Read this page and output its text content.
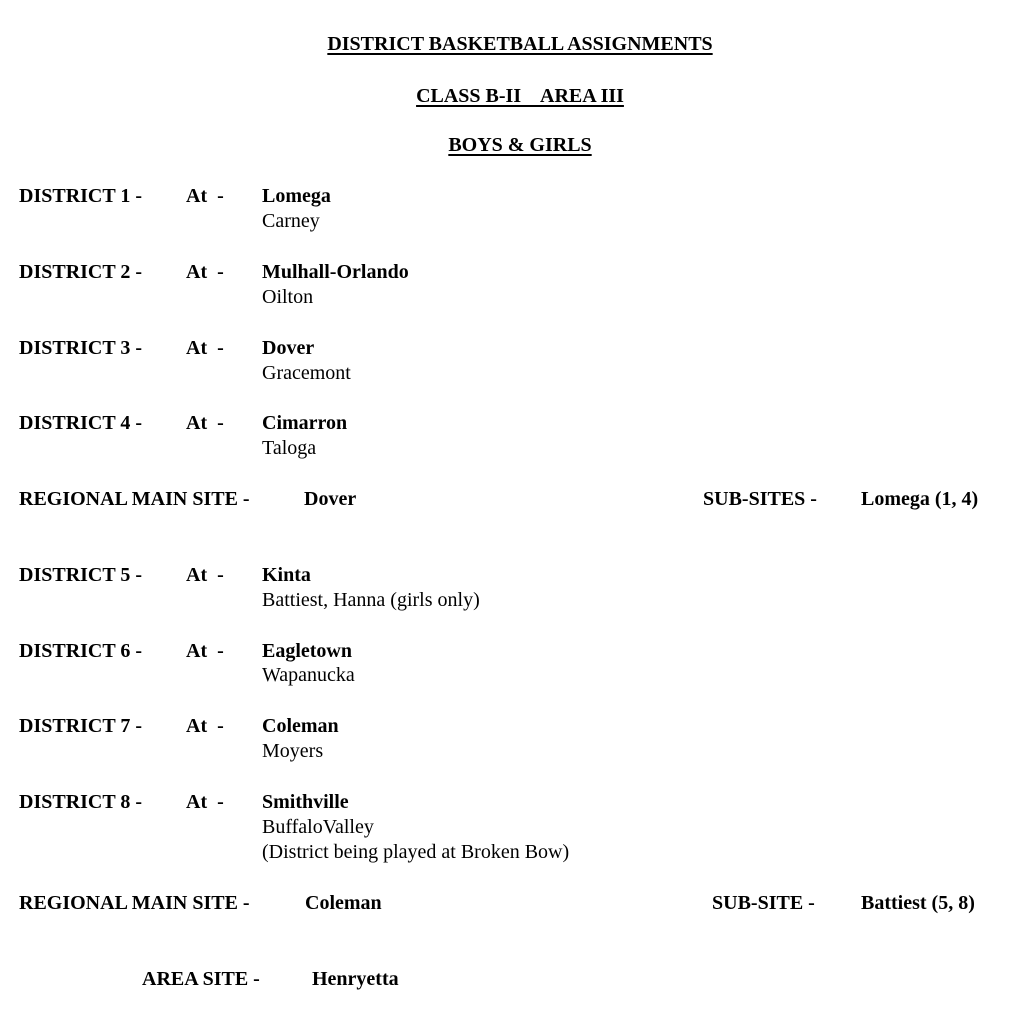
DISTRICT BASKETBALL ASSIGNMENTS
CLASS B-II    AREA III
BOYS & GIRLS
DISTRICT 1 - At  - Lomega
Carney
DISTRICT 2 - At  - Mulhall-Orlando
Oilton
DISTRICT 3 - At  - Dover
Gracemont
DISTRICT 4 - At  - Cimarron
Taloga
REGIONAL MAIN SITE -	Dover	SUB-SITES - Lomega (1, 4)
DISTRICT 5 - At  - Kinta
Battiest, Hanna (girls only)
DISTRICT 6 - At  - Eagletown
Wapanucka
DISTRICT 7 - At  - Coleman
Moyers
DISTRICT 8 - At  - Smithville
BuffaloValley
(District being played at Broken Bow)
REGIONAL MAIN SITE -	Coleman	SUB-SITE - Battiest (5, 8)
AREA SITE -	Henryetta
